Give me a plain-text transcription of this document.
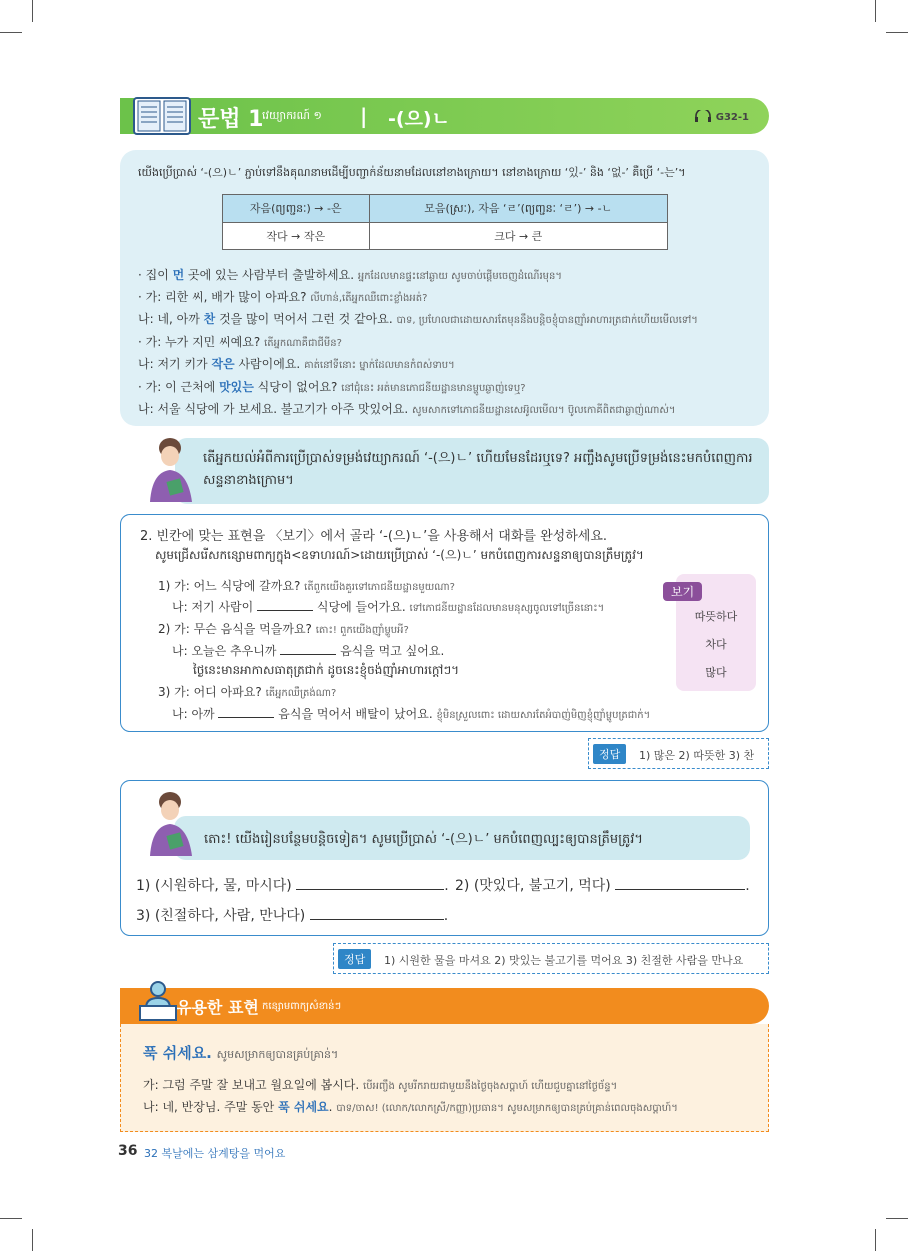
문법 1
វេយ្យាករណ៍ ១ | -(으)ㄴ	G32-1
យើងប្រើប្រាស់ ‘-(으)ㄴ’ ភ្ជាប់ទៅនឹងគុណនាមដើម្បីបញ្ជាក់ន័យនាមដែលនៅខាងក្រោយ។ នៅខាងក្រោយ ‘있-’ និង ‘없-’ គឺប្រើ ‘-는’។
자음(ព្យញ្ជនៈ) → -은	모음(ស្រៈ), 자음 ‘ㄹ’(ព្យញ្ជនៈ ‘ㄹ’) → -ㄴ
작다 → 작은	크다 → 큰
· 집이 먼 곳에 있는 사람부터 출발하세요. អ្នកដែលមានផ្ទះនៅឆ្ងាយ សូមចាប់ផ្ដើមចេញដំណើរមុន។
· 가: 리한 씨, 배가 많이 아파요? លីហាន់,តើអ្នកឈឺពោះខ្លាំងអត់?
나: 네, 아까 찬 것을 많이 먹어서 그런 것 같아요. បាទ, ប្រហែលជាដោយសារតែមុននឹងបន្តិចខ្ញុំបានញ៉ាំអាហារត្រជាក់ហើយមើលទៅ។
· 가: 누가 지민 씨예요? តើអ្នកណាគឺជាជីមីន?
나: 저기 키가 작은 사람이에요. គាត់នៅទីនោះ ម្នាក់ដែលមានកំពស់ទាប។
· 가: 이 근처에 맛있는 식당이 없어요? នៅជុំនេះ អត់មានភោជនីយដ្ឋានមានម្ហូបឆ្ងាញ់ទេឬ?
나: 서울 식당에 가 보세요. 불고기가 아주 맛있어요. សូមសាកទៅភោជនីយដ្ឋានសេអ៊ូលមើល។ ប៊ូលកោគីពិតជាឆ្ងាញ់ណាស់។
តើអ្នកយល់អំពីការប្រើប្រាស់ទម្រង់វេយ្យាករណ៍ ‘-(으)ㄴ’ ហើយមែនដែរឬទេ? អញ្ចឹងសូមប្រើទម្រង់នេះមកបំពេញការសន្ទនាខាងក្រោម។
2. 빈칸에 맞는 표현을 〈보기〉에서 골라 ‘-(으)ㄴ’을 사용해서 대화를 완성하세요.
សូមជ្រើសរើសកន្សោមពាក្យក្នុង<ឧទាហរណ៍>ដោយប្រើប្រាស់ ‘-(으)ㄴ’ មកបំពេញការសន្ទនាឲ្យបានត្រឹមត្រូវ។
1) 가: 어느 식당에 갈까요? តើពួកយើងគួរទៅភោជនីយដ្ឋានមួយណា?
나: 저기 사람이	식당에 들어가요. ទៅភោជនីយដ្ឋានដែលមានមនុស្សចូលទៅច្រើននោះ។
2) 가: 무슨 음식을 먹을까요? តោះ! ពួកយើងញ៉ាំម្ហូបអី?
나: 오늘은 추우니까	음식을 먹고 싶어요.
ថ្ងៃនេះមានអាកាសធាតុត្រជាក់ ដូចនេះខ្ញុំចង់ញ៉ាំអាហារក្ដៅៗ។
3) 가: 어디 아파요? តើអ្នកឈឺត្រង់ណា?
나: 아까	음식을 먹어서 배탈이 났어요. ខ្ញុំមិនស្រួលពោះ ដោយសារតែអំបាញ់មិញខ្ញុំញ៉ាំម្ហូបត្រជាក់។
보기
따뜻하다
차다
많다
정답	1) 많은 2) 따뜻한 3) 찬
តោះ! យើងរៀនបន្ថែមបន្តិចទៀត។ សូមប្រើប្រាស់ ‘-(으)ㄴ’ មកបំពេញល្បះឲ្យបានត្រឹមត្រូវ។
1) (시원하다, 물, 마시다)	. 2) (맛있다, 불고기, 먹다)	.
3) (친절하다, 사람, 만나다)	.
정답	1) 시원한 물을 마셔요 2) 맛있는 불고기를 먹어요 3) 친절한 사람을 만나요
유용한 표현 កន្សោមពាក្យសំខាន់ៗ
푹 쉬세요. សូមសម្រាកឲ្យបានគ្រប់គ្រាន់។
가: 그럼 주말 잘 보내고 월요일에 봅시다. បើអញ្ចឹង សូមរីករាយជាមួយនឹងថ្ងៃចុងសប្ដាហ៍ ហើយជួបគ្នានៅថ្ងៃច័ន្ទ។
나: 네, 반장님. 주말 동안 푹 쉬세요. បាទ/ចាស! (លោក/លោកស្រី/កញ្ញា)ប្រធាន។ សូមសម្រាកឲ្យបានគ្រប់គ្រាន់ពេលចុងសប្ដាហ៍។
36 32 복날에는 삼계탕을 먹어요
